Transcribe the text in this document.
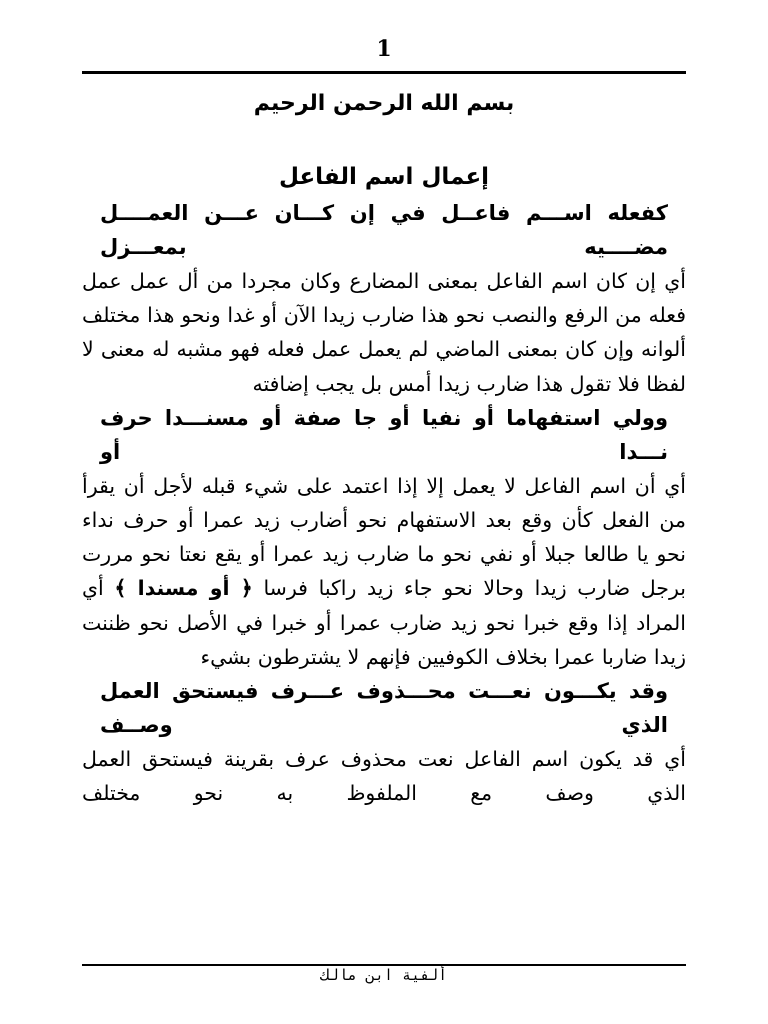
1

بسم الله الرحمن الرحيم

إعمال اسم الفاعل

كفعله اســـم فاعــل في إن كـــان عـــن العمــــل مضــــيه بمعـــزل

أي إن كان اسم الفاعل بمعنى المضارع وكان مجردا من أل عمل عمل فعله من الرفع والنصب نحو هذا ضارب زيدا الآن أو غدا ونحو هذا مختلف ألوانه وإن كان بمعنى الماضي لم يعمل عمل فعله فهو مشبه له معنى لا لفظا فلا تقول هذا ضارب زيدا أمس بل يجب إضافته

وولي استفهاما أو نفيا أو جا صفة أو مسنـــدا حرف نـــدا أو

أي أن اسم الفاعل لا يعمل إلا إذا اعتمد على شيء قبله لأجل أن يقرأ من الفعل كأن وقع بعد الاستفهام نحو أضارب زيد عمرا أو حرف نداء نحو يا طالعا جبلا أو نفي نحو ما ضارب زيد عمرا أو يقع نعتا نحو مررت برجل ضارب زيدا وحالا نحو جاء زيد راكبا فرسا ﴿ أو مسندا ﴾ أي المراد إذا وقع خبرا نحو زيد ضارب عمرا أو خبرا في الأصل نحو ظننت زيدا ضاربا عمرا بخلاف الكوفيين فإنهم لا يشترطون بشيء

وقد يكـــون نعـــت محـــذوف عـــرف فيستحق العمل الذي وصــف

أي قد يكون اسم الفاعل نعت محذوف عرف بقرينة فيستحق العمل الذي وصف مع الملفوظ به نحو مختلف

ألفية ابن مالك
